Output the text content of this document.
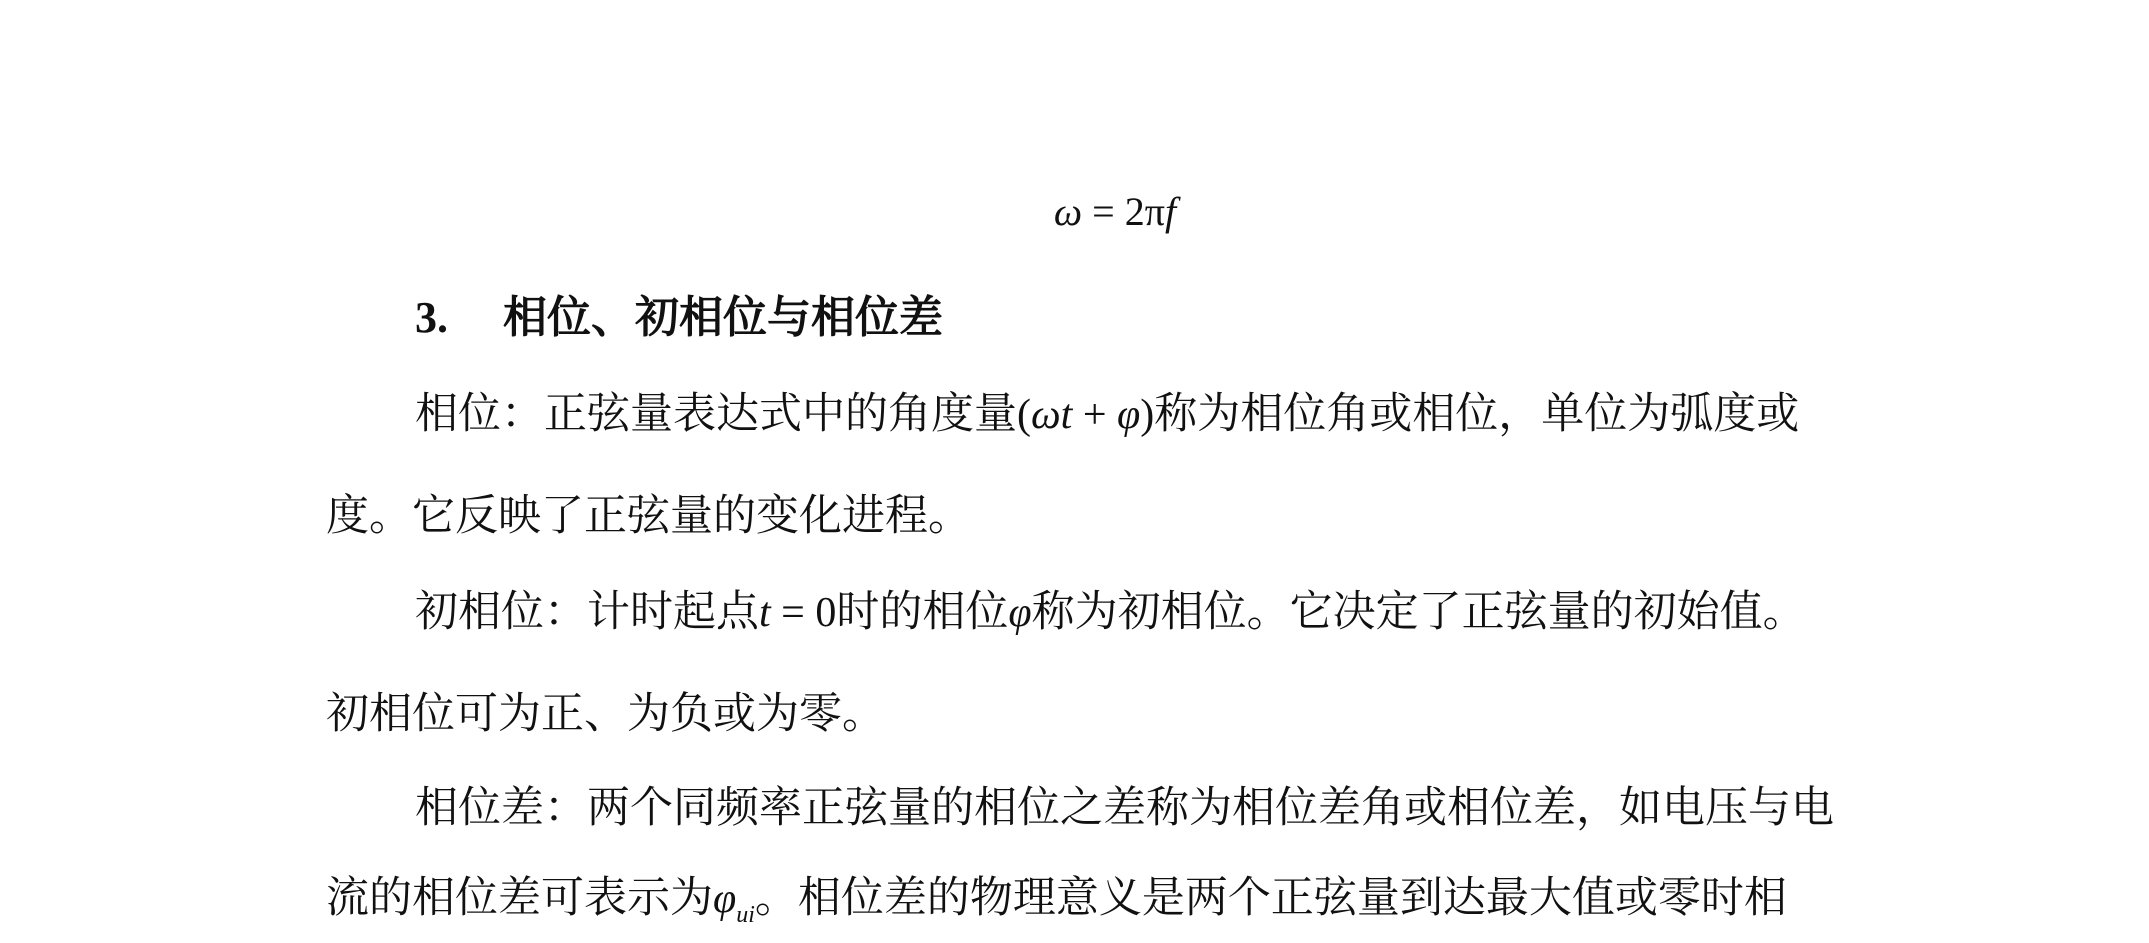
ω = 2πf
3. 相位、初相位与相位差
相位：正弦量表达式中的角度量(ωt + φ)称为相位角或相位，单位为弧度或
度。它反映了正弦量的变化进程。
初相位：计时起点t = 0时的相位φ称为初相位。它决定了正弦量的初始值。
初相位可为正、为负或为零。
相位差：两个同频率正弦量的相位之差称为相位差角或相位差，如电压与电
流的相位差可表示为$\varphi_{ui}$。相位差的物理意义是两个正弦量到达最大值或零时相
